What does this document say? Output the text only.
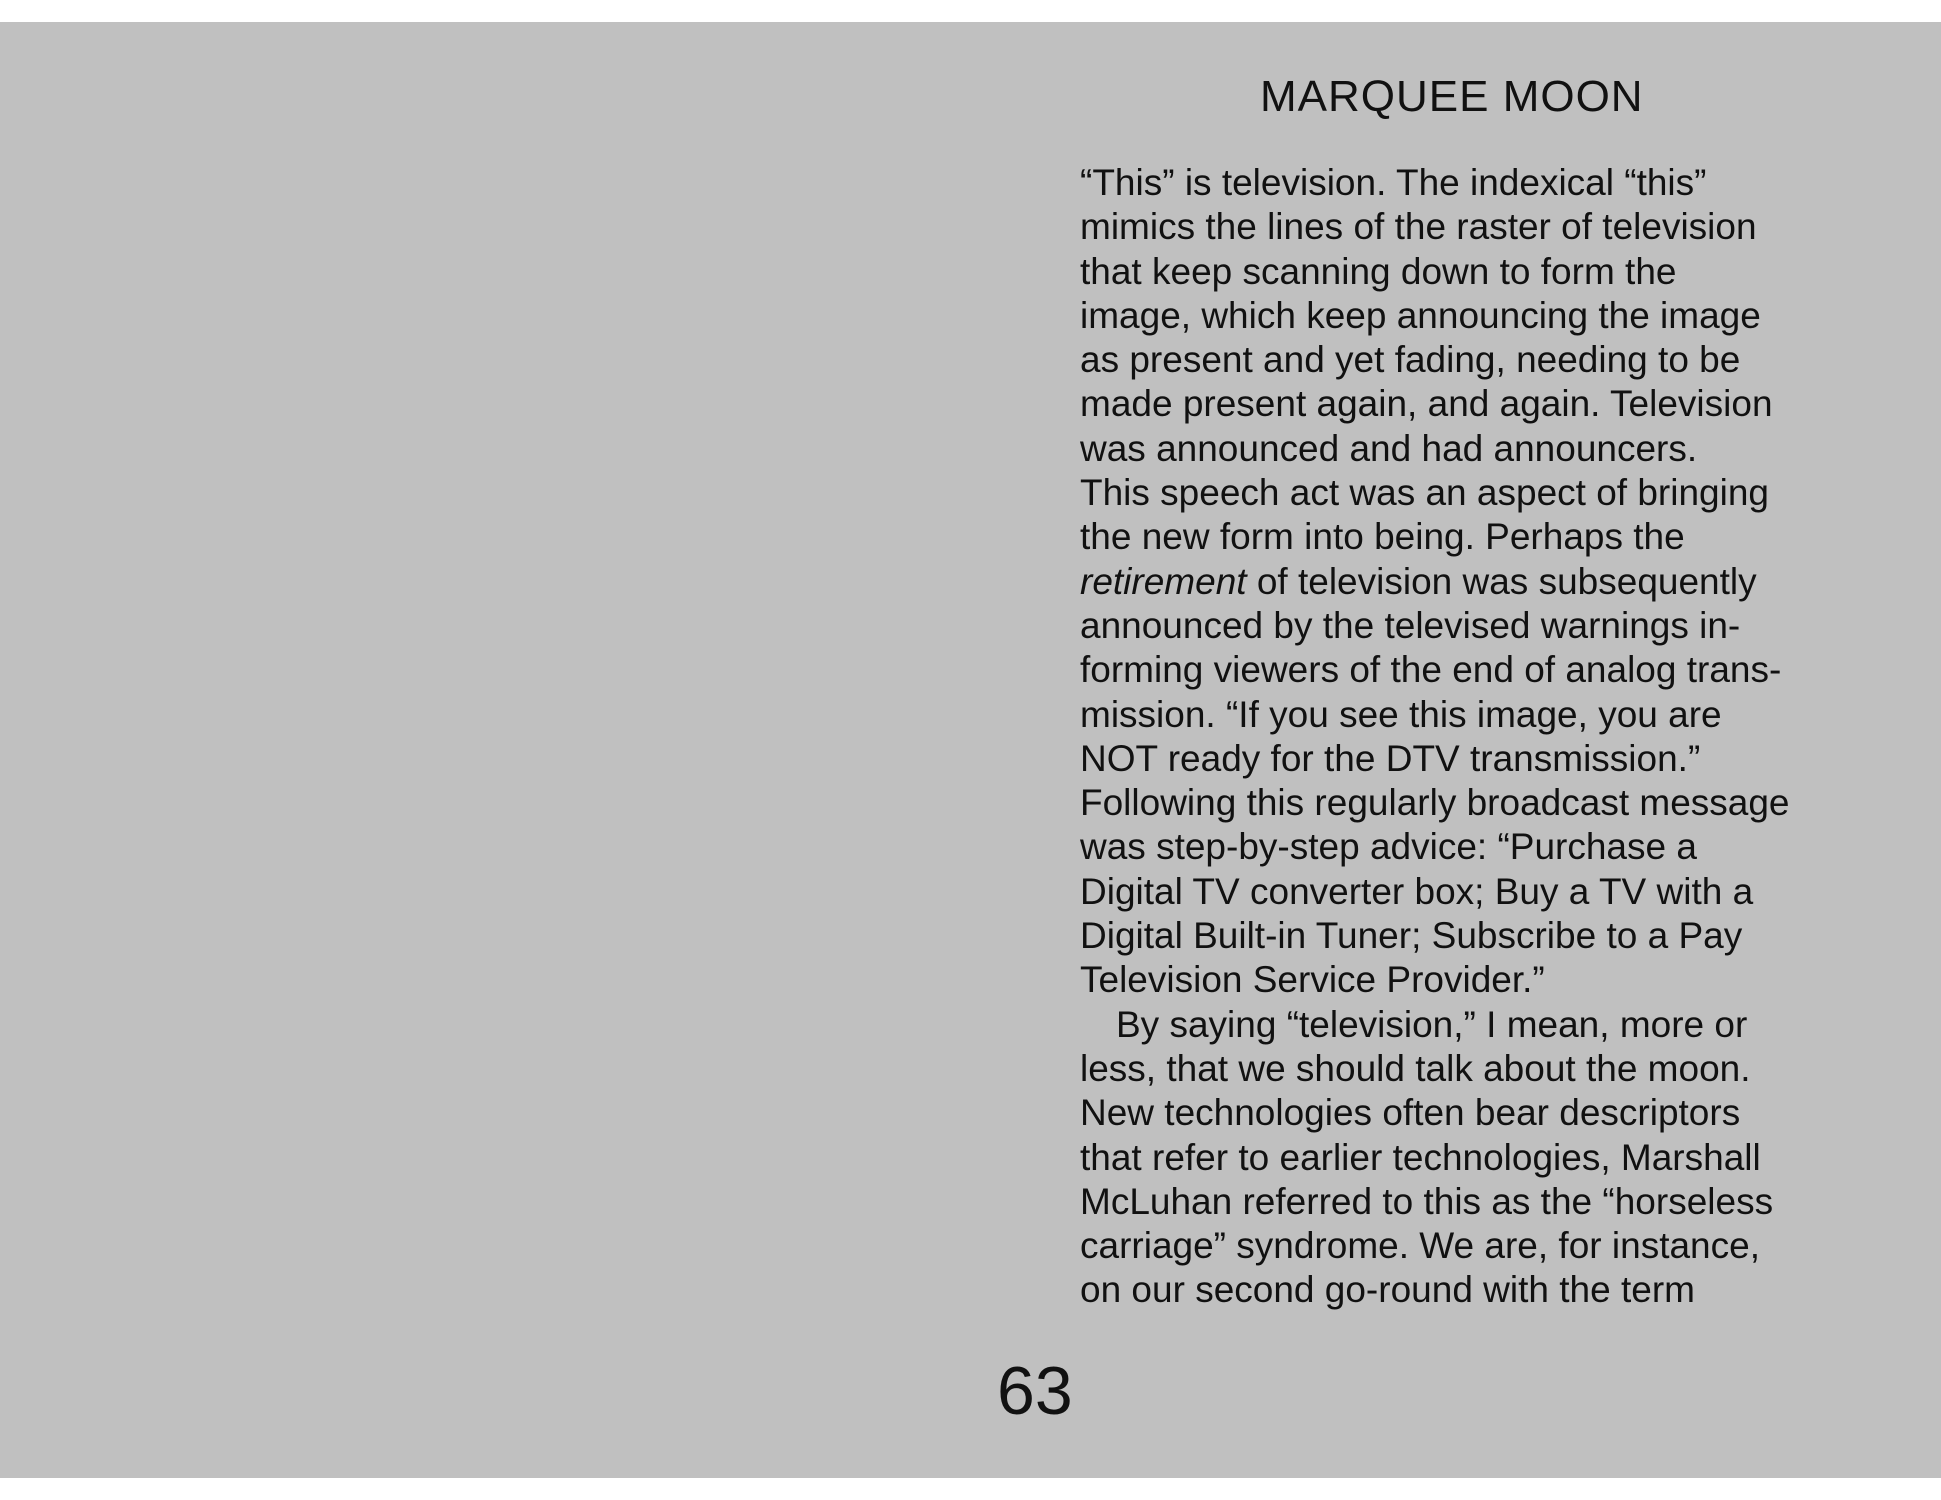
MARQUEE MOON
“This” is television. The indexical “this”
mimics the lines of the raster of television
that keep scanning down to form the
image, which keep announcing the image
as present and yet fading, needing to be
made present again, and again. Television
was announced and had announcers.
This speech act was an aspect of bringing
the new form into being. Perhaps the
retirement of television was subsequently
announced by the televised warnings in-
forming viewers of the end of analog trans-
mission. “If you see this image, you are
NOT ready for the DTV transmission.”
Following this regularly broadcast message
was step-by-step advice: “Purchase a
Digital TV converter box; Buy a TV with a
Digital Built-in Tuner; Subscribe to a Pay
Television Service Provider.”
By saying “television,” I mean, more or
less, that we should talk about the moon.
New technologies often bear descriptors
that refer to earlier technologies, Marshall
McLuhan referred to this as the “horseless
carriage” syndrome. We are, for instance,
on our second go-round with the term
63
